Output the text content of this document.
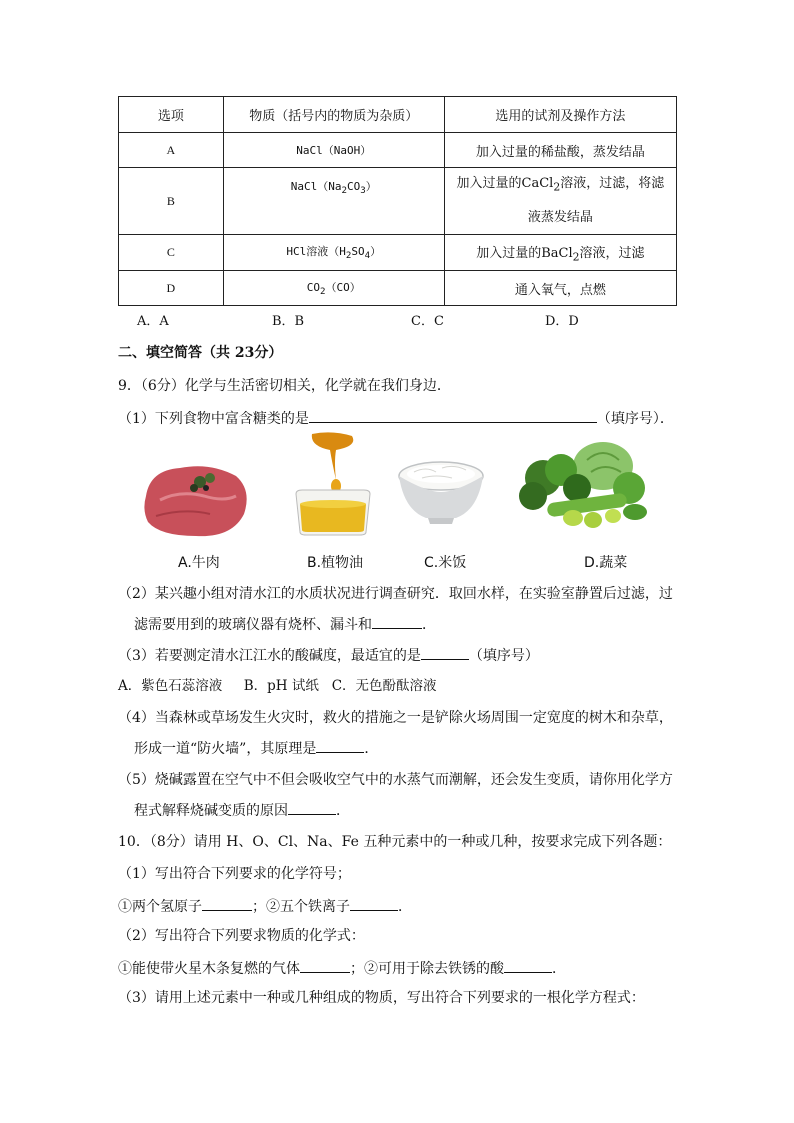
选项	物质（括号内的物质为杂质）	选用的试剂及操作方法
A	NaCl（NaOH）	加入过量的稀盐酸，蒸发结晶
B	$NaCl(Na_2CO_3)$	加入过量的CaCl$_2$溶液，过滤，将滤
液蒸发结晶
C	HCl溶液$(H_2SO_4)$	加入过量的BaCl$_2$溶液，过滤
D	$CO_2(CO)$	通入氧气，点燃
A．A	B．B	C．C	D．D
二、填空简答（共 23分）
9．（6分）化学与生活密切相关，化学就在我们身边．
（1）下列食物中富含糖类的是	（填序号）．
A.牛肉	B.植物油	C.米饭	D.蔬菜
（2）某兴趣小组对清水江的水质状况进行调查研究．取回水样，在实验室静置后过滤，过
滤需要用到的玻璃仪器有烧杯、漏斗和	．
（3）若要测定清水江江水的酸碱度，最适宜的是	（填序号）
A．紫色石蕊溶液     B．pH 试纸   C．无色酚酞溶液
（4）当森林或草场发生火灾时，救火的措施之一是铲除火场周围一定宽度的树木和杂草，
形成一道“防火墙”，其原理是	．
（5）烧碱露置在空气中不但会吸收空气中的水蒸气而潮解，还会发生变质，请你用化学方
程式解释烧碱变质的原因	．
10．（8分）请用 H、O、Cl、Na、Fe 五种元素中的一种或几种，按要求完成下列各题：
（1）写出符合下列要求的化学符号；
①两个氢原子	；②五个铁离子	．
（2）写出符合下列要求物质的化学式：
①能使带火星木条复燃的气体	；②可用于除去铁锈的酸	．
（3）请用上述元素中一种或几种组成的物质，写出符合下列要求的一根化学方程式：
